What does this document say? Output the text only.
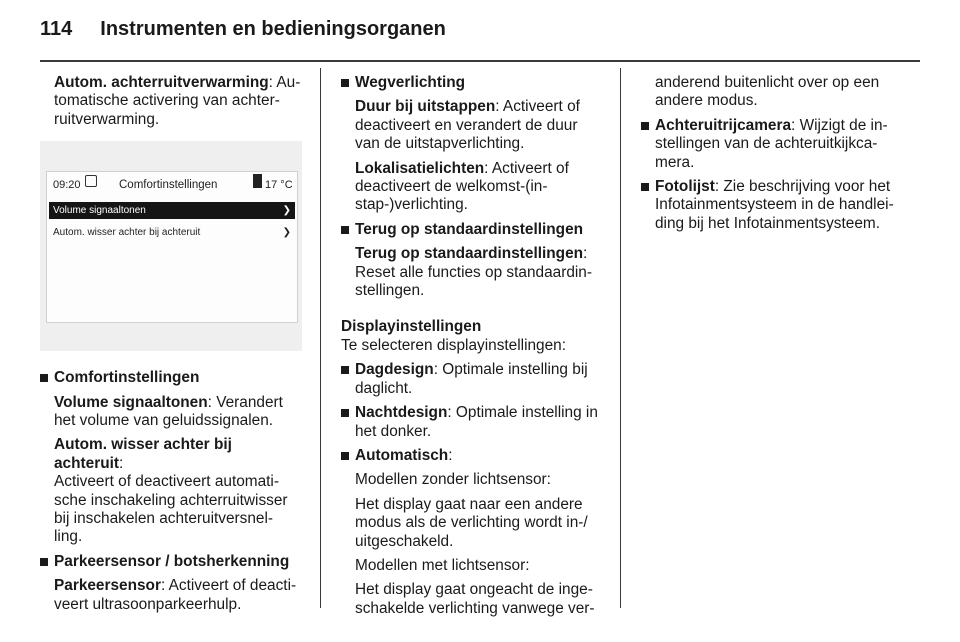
114 Instrumenten en bedieningsorganen
Autom. achterruitverwarming: Au-
tomatische activering van achter-
ruitverwarming.
09:20	Comfortinstellingen	17 °C
Volume signaaltonen	❯
Autom. wisser achter bij achteruit	❯
Comfortinstellingen
Volume signaaltonen: Verandert
het volume van geluidssignalen.
Autom. wisser achter bij achteruit:
Activeert of deactiveert automati-
sche inschakeling achterruitwisser
bij inschakelen achteruitversnel-
ling.
Parkeersensor / botsherkenning
Parkeersensor: Activeert of deacti-
veert ultrasoonparkeerhulp.
Wegverlichting
Duur bij uitstappen: Activeert of
deactiveert en verandert de duur
van de uitstapverlichting.
Lokalisatielichten: Activeert of
deactiveert de welkomst-(in-
stap-)verlichting.
Terug op standaardinstellingen
Terug op standaardinstellingen:
Reset alle functies op standaardin-
stellingen.
Displayinstellingen
Te selecteren displayinstellingen:
Dagdesign: Optimale instelling bij
daglicht.
Nachtdesign: Optimale instelling in
het donker.
Automatisch:
Modellen zonder lichtsensor:
Het display gaat naar een andere
modus als de verlichting wordt in-/
uitgeschakeld.
Modellen met lichtsensor:
Het display gaat ongeacht de inge-
schakelde verlichting vanwege ver-
anderend buitenlicht over op een
andere modus.
Achteruitrijcamera: Wijzigt de in-
stellingen van de achteruitkijkca-
mera.
Fotolijst: Zie beschrijving voor het
Infotainmentsysteem in de handlei-
ding bij het Infotainmentsysteem.
